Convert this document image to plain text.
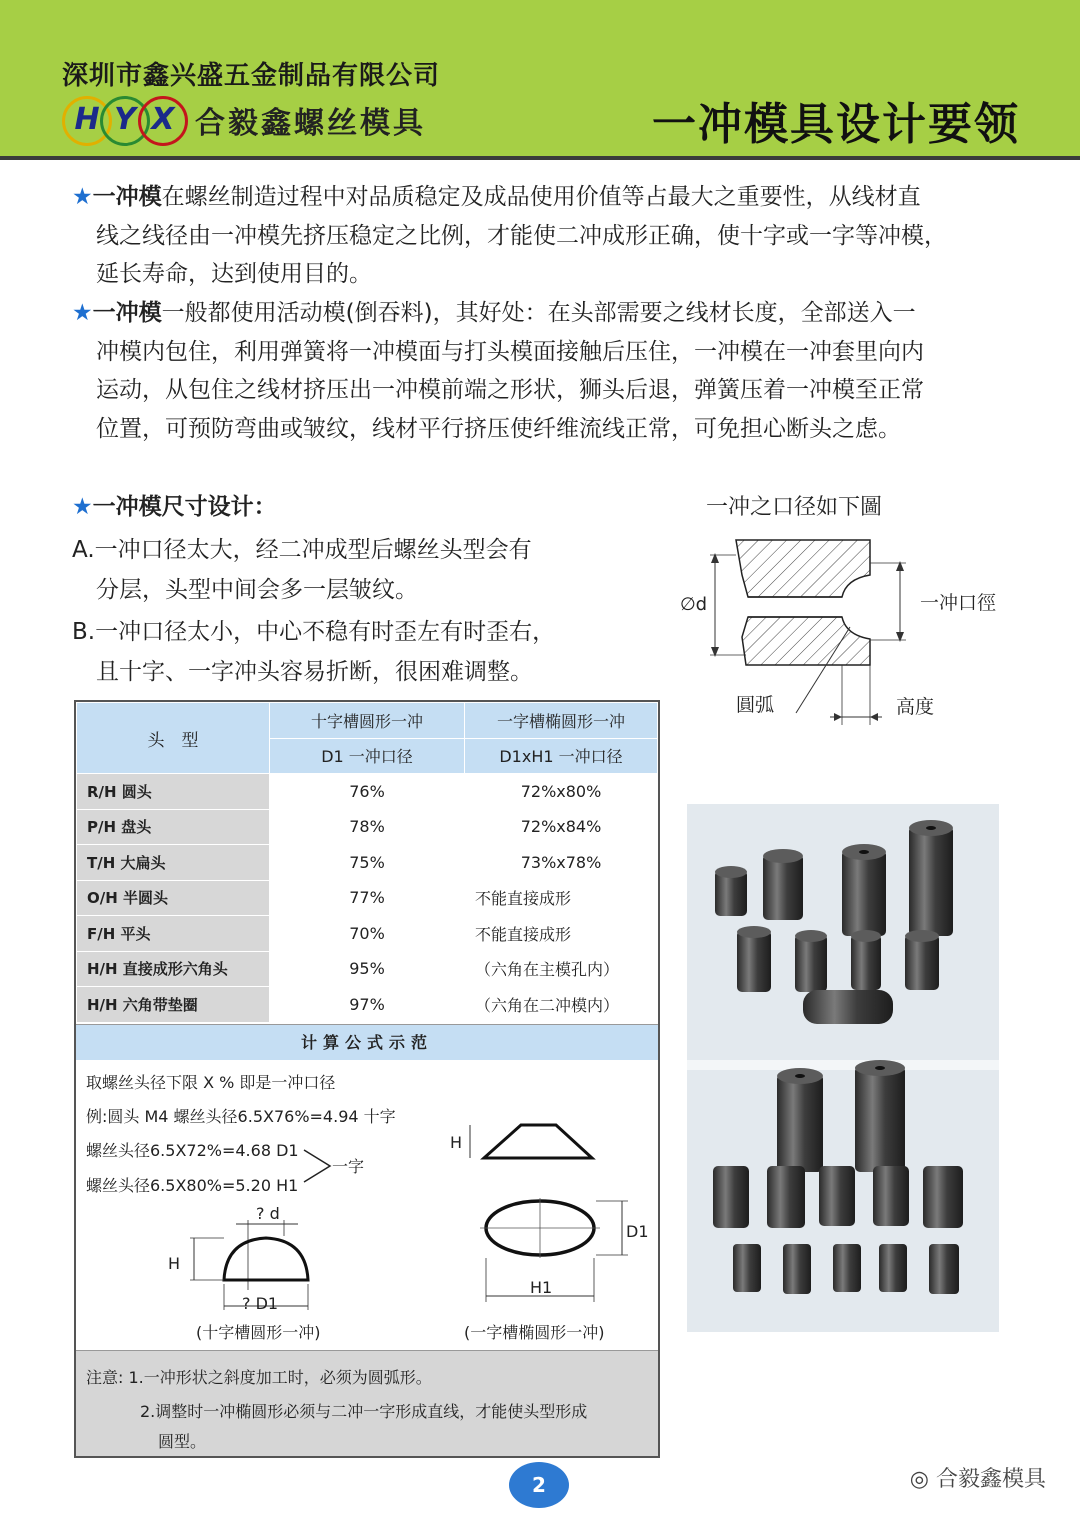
深圳市鑫兴盛五金制品有限公司
H Y X 合毅鑫螺丝模具	一冲模具设计要领
★一冲模在螺丝制造过程中对品质稳定及成品使用价值等占最大之重要性，从线材直
线之线径由一冲模先挤压稳定之比例，才能使二冲成形正确，使十字或一字等冲模，
延长寿命，达到使用目的。
★一冲模一般都使用活动模(倒吞料)，其好处：在头部需要之线材长度，全部送入一
冲模内包住，利用弹簧将一冲模面与打头模面接触后压住，一冲模在一冲套里向内
运动，从包住之线材挤压出一冲模前端之形状，狮头后退，弹簧压着一冲模至正常
位置，可预防弯曲或皱纹，线材平行挤压使纤维流线正常，可免担心断头之虑。
★一冲模尺寸设计：
A.一冲口径太大，经二冲成型后螺丝头型会有
分层，头型中间会多一层皱纹。
B.一冲口径太小，中心不稳有时歪左有时歪右，
且十字、一字冲头容易折断，很困难调整。
一冲之口径如下圖
∅d	一冲口徑
圓弧	高度
头　型	十字槽圆形一冲	一字槽椭圆形一冲
	D1 一冲口径	D1xH1 一冲口径
R/H 圆头	76%	72%x80%
P/H 盘头	78%	72%x84%
T/H 大扁头	75%	73%x78%
O/H 半圆头	77%	不能直接成形
F/H 平头	70%	不能直接成形
H/H 直接成形六角头	95%	（六角在主模孔内）
H/H 六角带垫圈	97%	（六角在二冲模内）
计算公式示范
取螺丝头径下限 X % 即是一冲口径
例:圆头 M4 螺丝头径6.5X76%=4.94 十字
螺丝头径6.5X72%=4.68 D1
螺丝头径6.5X80%=5.20 H1
一字
H
? d
H
? D1
(十字槽圆形一冲)
D1
H1
(一字槽椭圆形一冲)
注意: 1.一冲形状之斜度加工时，必须为圆弧形。
2.调整时一冲椭圆形必须与二冲一字形成直线，才能使头型形成
圆型。
2	◎ 合毅鑫模具
